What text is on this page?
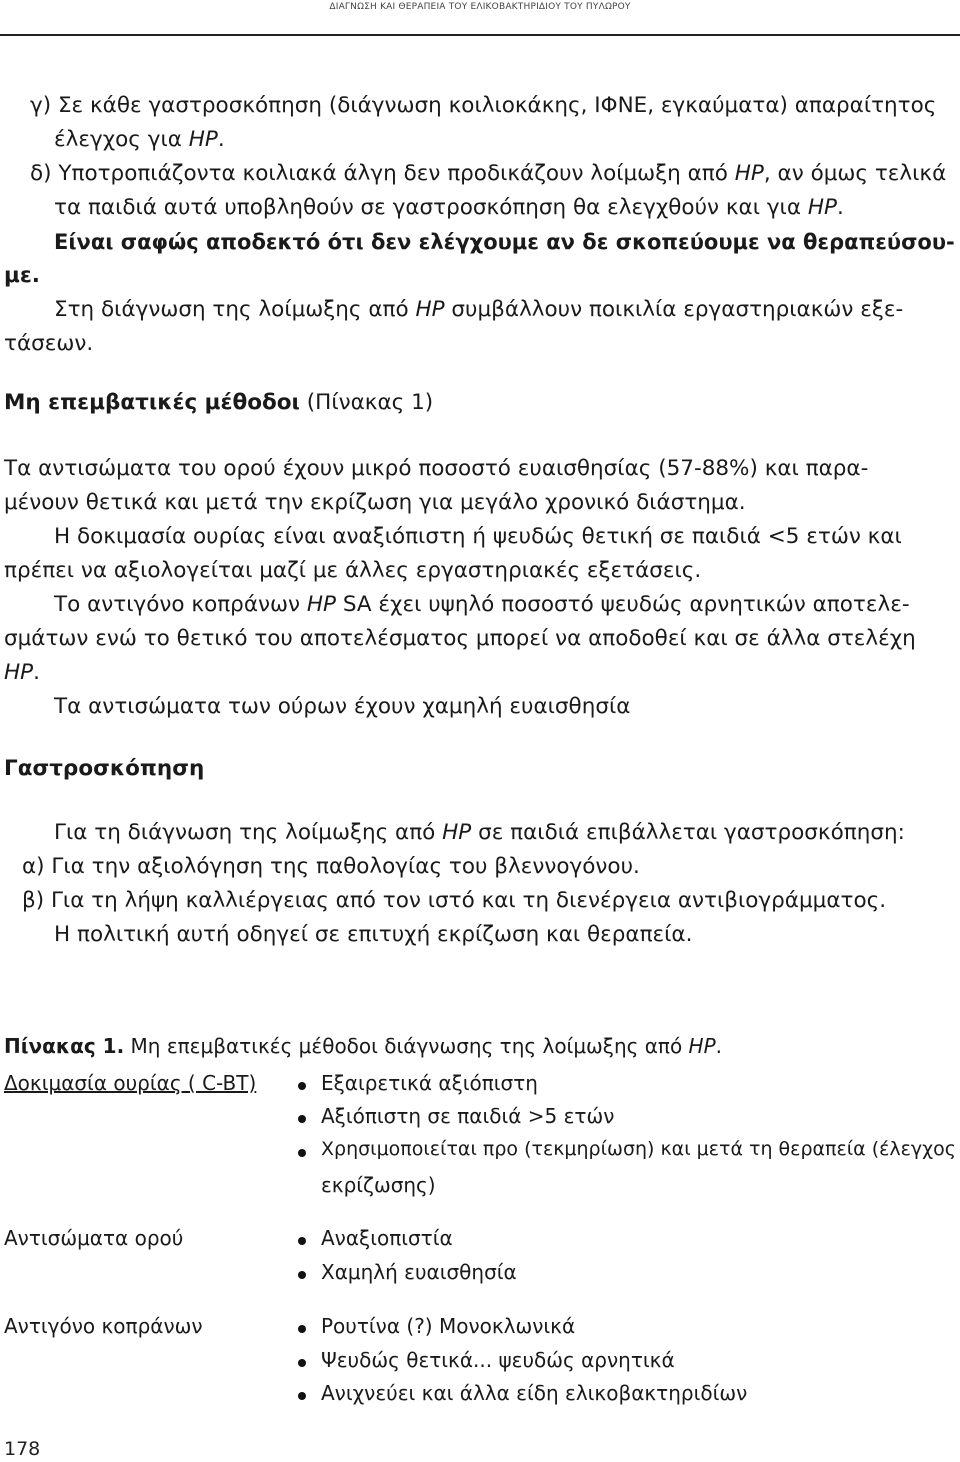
ΔΙΑΓΝΩΣΗ ΚΑΙ ΘΕΡΑΠΕΙΑ ΤΟΥ ΕΛΙΚΟΒΑΚΤΗΡΙΔΙΟΥ ΤΟΥ ΠΥΛΩΡΟΥ
γ) Σε κάθε γαστροσκόπηση (διάγνωση κοιλιοκάκης, ΙΦΝΕ, εγκαύματα) απαραίτητος
έλεγχος για HP.
δ) Υποτροπιάζοντα κοιλιακά άλγη δεν προδικάζουν λοίμωξη από HP, αν όμως τελικά
τα παιδιά αυτά υποβληθούν σε γαστροσκόπηση θα ελεγχθούν και για HP.
Είναι σαφώς αποδεκτό ότι δεν ελέγχουμε αν δε σκοπεύουμε να θεραπεύσου-
με.
Στη διάγνωση της λοίμωξης από HP συμβάλλουν ποικιλία εργαστηριακών εξε-
τάσεων.
Μη επεμβατικές μέθοδοι (Πίνακας 1)
Τα αντισώματα του ορού έχουν μικρό ποσοστό ευαισθησίας (57-88%) και παρα-
μένουν θετικά και μετά την εκρίζωση για μεγάλο χρονικό διάστημα.
Η δοκιμασία ουρίας είναι αναξιόπιστη ή ψευδώς θετική σε παιδιά <5 ετών και
πρέπει να αξιολογείται μαζί με άλλες εργαστηριακές εξετάσεις.
Το αντιγόνο κοπράνων HP SA έχει υψηλό ποσοστό ψευδώς αρνητικών αποτελε-
σμάτων ενώ το θετικό του αποτελέσματος μπορεί να αποδοθεί και σε άλλα στελέχη
HP.
Τα αντισώματα των ούρων έχουν χαμηλή ευαισθησία
Γαστροσκόπηση
Για τη διάγνωση της λοίμωξης από HP σε παιδιά επιβάλλεται γαστροσκόπηση:
α) Για την αξιολόγηση της παθολογίας του βλεννογόνου.
β) Για τη λήψη καλλιέργειας από τον ιστό και τη διενέργεια αντιβιογράμματος.
Η πολιτική αυτή οδηγεί σε επιτυχή εκρίζωση και θεραπεία.
Πίνακας 1. Μη επεμβατικές μέθοδοι διάγνωσης της λοίμωξης από HP.
Δοκιμασία ουρίας ( C-BT)	Εξαιρετικά αξιόπιστη
Αξιόπιστη σε παιδιά >5 ετών
Χρησιμοποιείται προ (τεκμηρίωση) και μετά τη θεραπεία (έλεγχος
εκρίζωσης)
Αντισώματα ορού	Αναξιοπιστία
Χαμηλή ευαισθησία
Αντιγόνο κοπράνων	Ρουτίνα (?) Μονοκλωνικά
Ψευδώς θετικά... ψευδώς αρνητικά
Ανιχνεύει και άλλα είδη ελικοβακτηριδίων
178
